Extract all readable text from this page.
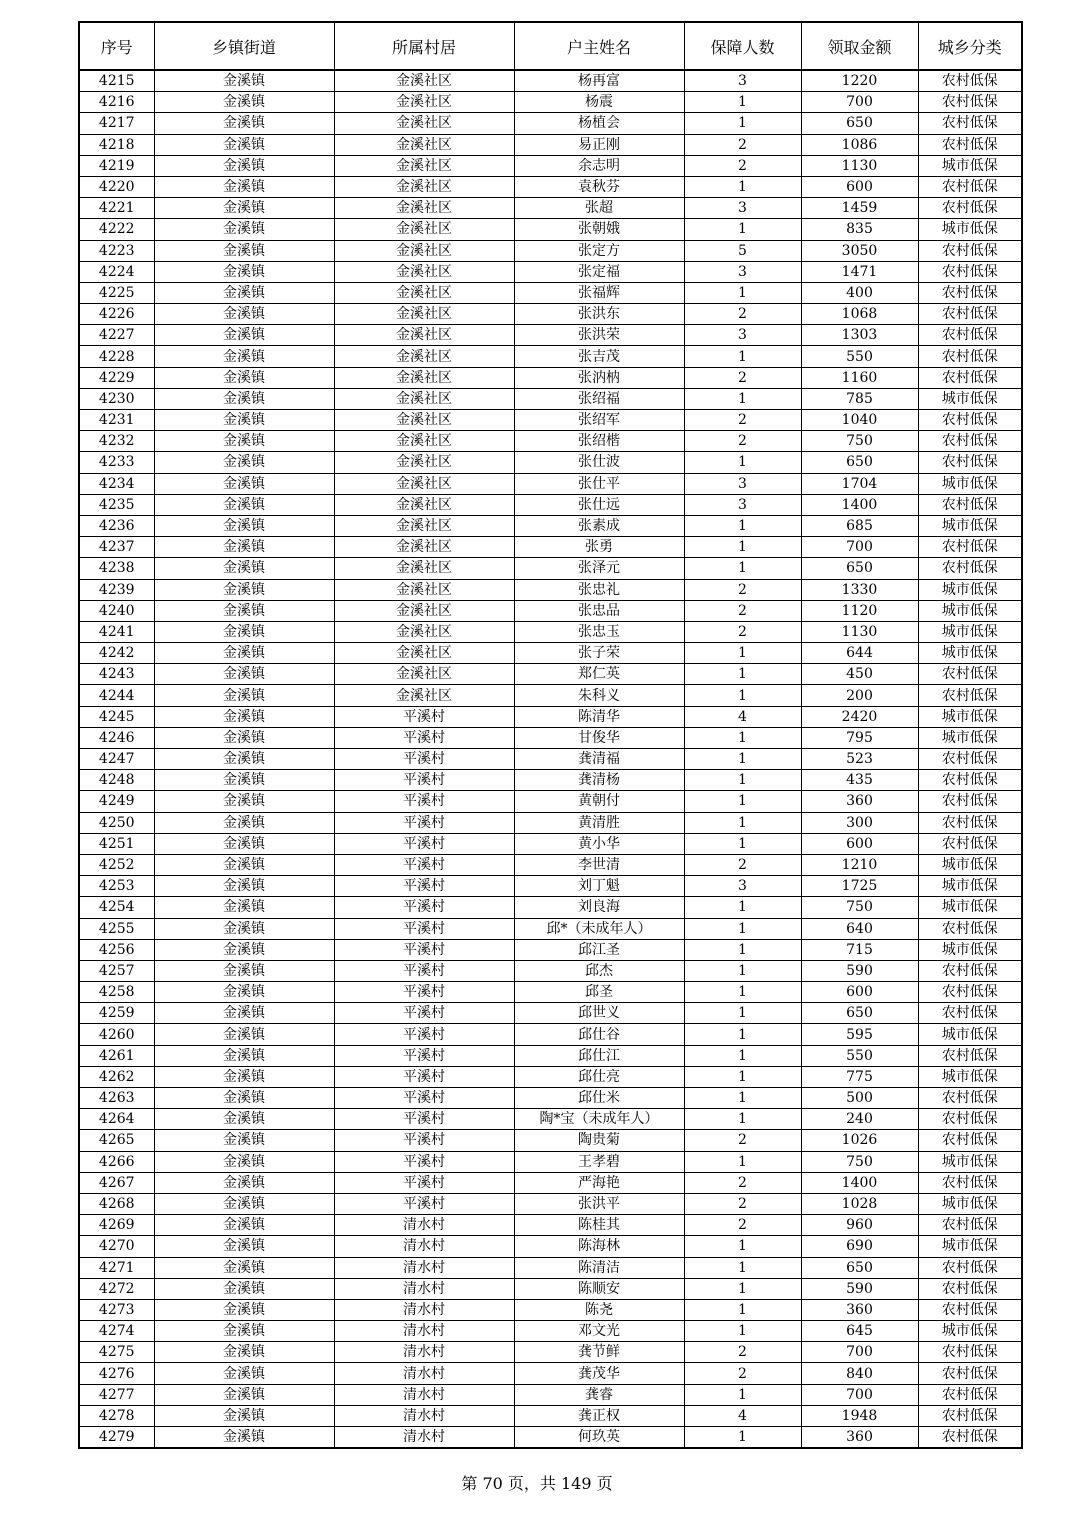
序号	乡镇街道	所属村居	户主姓名	保障人数	领取金额	城乡分类
4215	金溪镇	金溪社区	杨再富	3	1220	农村低保
4216	金溪镇	金溪社区	杨震	1	700	农村低保
4217	金溪镇	金溪社区	杨植会	1	650	农村低保
4218	金溪镇	金溪社区	易正刚	2	1086	农村低保
4219	金溪镇	金溪社区	余志明	2	1130	城市低保
4220	金溪镇	金溪社区	袁秋芬	1	600	农村低保
4221	金溪镇	金溪社区	张超	3	1459	农村低保
4222	金溪镇	金溪社区	张朝娥	1	835	城市低保
4223	金溪镇	金溪社区	张定方	5	3050	农村低保
4224	金溪镇	金溪社区	张定福	3	1471	农村低保
4225	金溪镇	金溪社区	张福辉	1	400	农村低保
4226	金溪镇	金溪社区	张洪东	2	1068	农村低保
4227	金溪镇	金溪社区	张洪荣	3	1303	农村低保
4228	金溪镇	金溪社区	张吉茂	1	550	农村低保
4229	金溪镇	金溪社区	张汭枘	2	1160	农村低保
4230	金溪镇	金溪社区	张绍福	1	785	城市低保
4231	金溪镇	金溪社区	张绍军	2	1040	农村低保
4232	金溪镇	金溪社区	张绍楷	2	750	农村低保
4233	金溪镇	金溪社区	张仕波	1	650	农村低保
4234	金溪镇	金溪社区	张仕平	3	1704	城市低保
4235	金溪镇	金溪社区	张仕远	3	1400	农村低保
4236	金溪镇	金溪社区	张素成	1	685	城市低保
4237	金溪镇	金溪社区	张勇	1	700	农村低保
4238	金溪镇	金溪社区	张泽元	1	650	农村低保
4239	金溪镇	金溪社区	张忠礼	2	1330	城市低保
4240	金溪镇	金溪社区	张忠品	2	1120	城市低保
4241	金溪镇	金溪社区	张忠玉	2	1130	城市低保
4242	金溪镇	金溪社区	张子荣	1	644	城市低保
4243	金溪镇	金溪社区	郑仁英	1	450	农村低保
4244	金溪镇	金溪社区	朱科义	1	200	农村低保
4245	金溪镇	平溪村	陈清华	4	2420	城市低保
4246	金溪镇	平溪村	甘俊华	1	795	城市低保
4247	金溪镇	平溪村	龚清福	1	523	农村低保
4248	金溪镇	平溪村	龚清杨	1	435	农村低保
4249	金溪镇	平溪村	黄朝付	1	360	农村低保
4250	金溪镇	平溪村	黄清胜	1	300	农村低保
4251	金溪镇	平溪村	黄小华	1	600	农村低保
4252	金溪镇	平溪村	李世清	2	1210	城市低保
4253	金溪镇	平溪村	刘丁魁	3	1725	城市低保
4254	金溪镇	平溪村	刘良海	1	750	城市低保
4255	金溪镇	平溪村	邱*（未成年人）	1	640	农村低保
4256	金溪镇	平溪村	邱江圣	1	715	城市低保
4257	金溪镇	平溪村	邱杰	1	590	农村低保
4258	金溪镇	平溪村	邱圣	1	600	农村低保
4259	金溪镇	平溪村	邱世义	1	650	农村低保
4260	金溪镇	平溪村	邱仕谷	1	595	城市低保
4261	金溪镇	平溪村	邱仕江	1	550	农村低保
4262	金溪镇	平溪村	邱仕亮	1	775	城市低保
4263	金溪镇	平溪村	邱仕米	1	500	农村低保
4264	金溪镇	平溪村	陶*宝（未成年人）	1	240	农村低保
4265	金溪镇	平溪村	陶贵菊	2	1026	农村低保
4266	金溪镇	平溪村	王孝碧	1	750	城市低保
4267	金溪镇	平溪村	严海艳	2	1400	农村低保
4268	金溪镇	平溪村	张洪平	2	1028	城市低保
4269	金溪镇	清水村	陈桂其	2	960	农村低保
4270	金溪镇	清水村	陈海林	1	690	城市低保
4271	金溪镇	清水村	陈清洁	1	650	农村低保
4272	金溪镇	清水村	陈顺安	1	590	农村低保
4273	金溪镇	清水村	陈尧	1	360	农村低保
4274	金溪镇	清水村	邓文光	1	645	城市低保
4275	金溪镇	清水村	龚节鲜	2	700	农村低保
4276	金溪镇	清水村	龚茂华	2	840	农村低保
4277	金溪镇	清水村	龚睿	1	700	农村低保
4278	金溪镇	清水村	龚正权	4	1948	农村低保
4279	金溪镇	清水村	何玖英	1	360	农村低保
第 70 页，共 149 页
